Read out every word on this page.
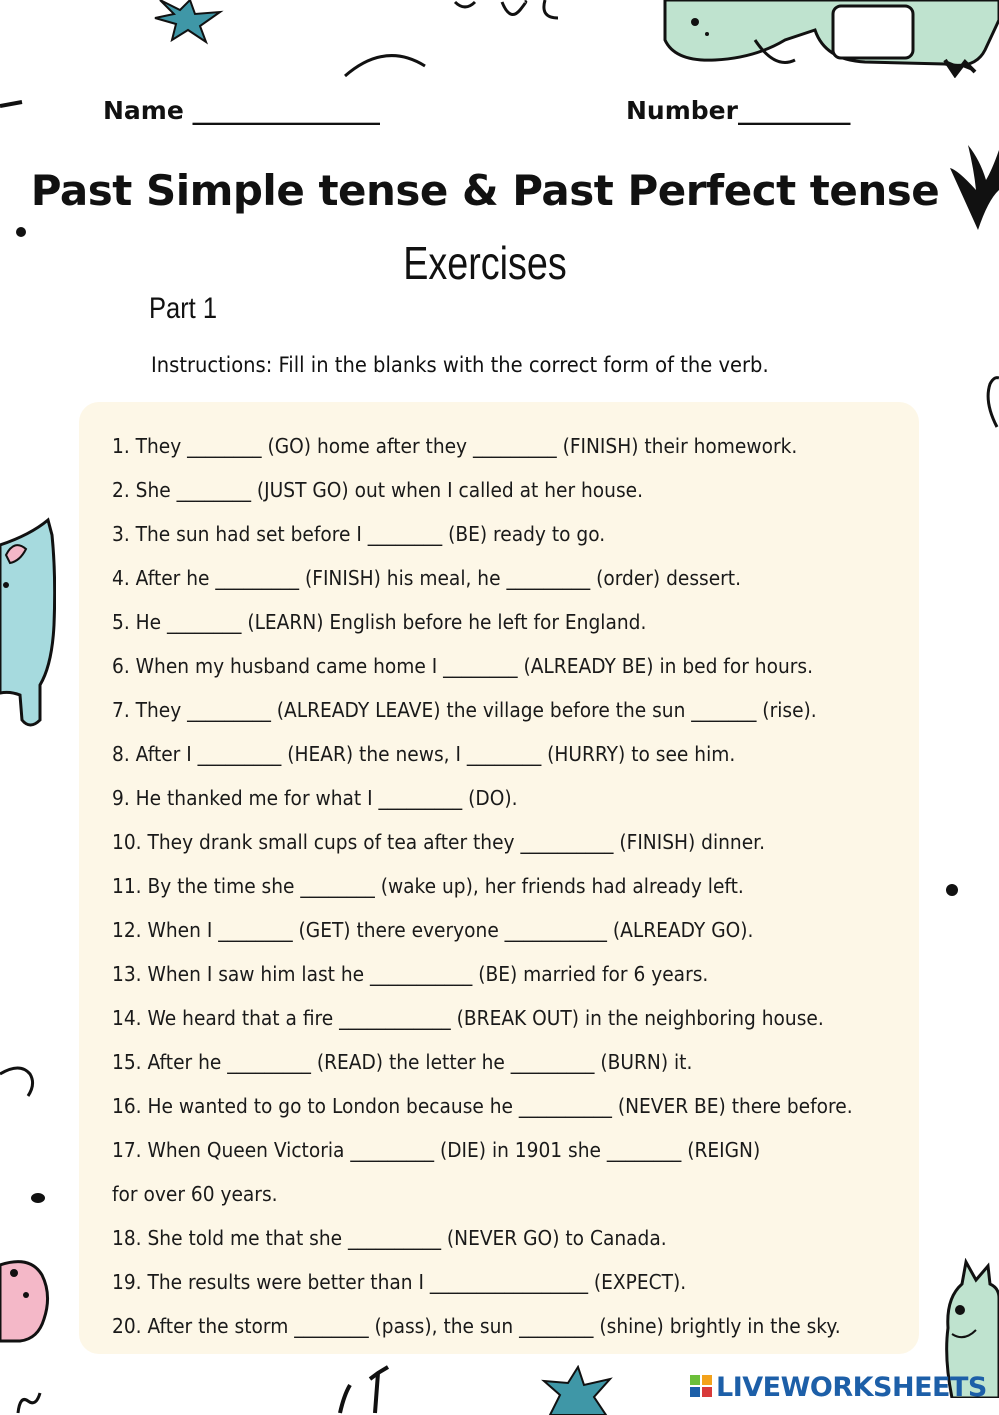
Name _______________	Number_________
Past Simple tense & Past Perfect tense
Exercises
Part 1
Instructions: Fill in the blanks with the correct form of the verb.
1. They ________ (GO) home after they _________ (FINISH) their homework.
2. She ________ (JUST GO) out when I called at her house.
3. The sun had set before I ________ (BE) ready to go.
4. After he _________ (FINISH) his meal, he _________ (order) dessert.
5. He ________ (LEARN) English before he left for England.
6. When my husband came home I ________ (ALREADY BE) in bed for hours.
7. They _________ (ALREADY LEAVE) the village before the sun _______ (rise).
8. After I _________ (HEAR) the news, I ________ (HURRY) to see him.
9. He thanked me for what I _________ (DO).
10. They drank small cups of tea after they __________ (FINISH) dinner.
11. By the time she ________ (wake up), her friends had already left.
12. When I ________ (GET) there everyone ___________ (ALREADY GO).
13. When I saw him last he ___________ (BE) married for 6 years.
14. We heard that a fire ____________ (BREAK OUT) in the neighboring house.
15. After he _________ (READ) the letter he _________ (BURN) it.
16. He wanted to go to London because he __________ (NEVER BE) there before.
17. When Queen Victoria _________ (DIE) in 1901 she ________ (REIGN)
for over 60 years.
18. She told me that she __________ (NEVER GO) to Canada.
19. The results were better than I _________________ (EXPECT).
20. After the storm ________ (pass), the sun ________ (shine) brightly in the sky.
LIVEWORKSHEETS
